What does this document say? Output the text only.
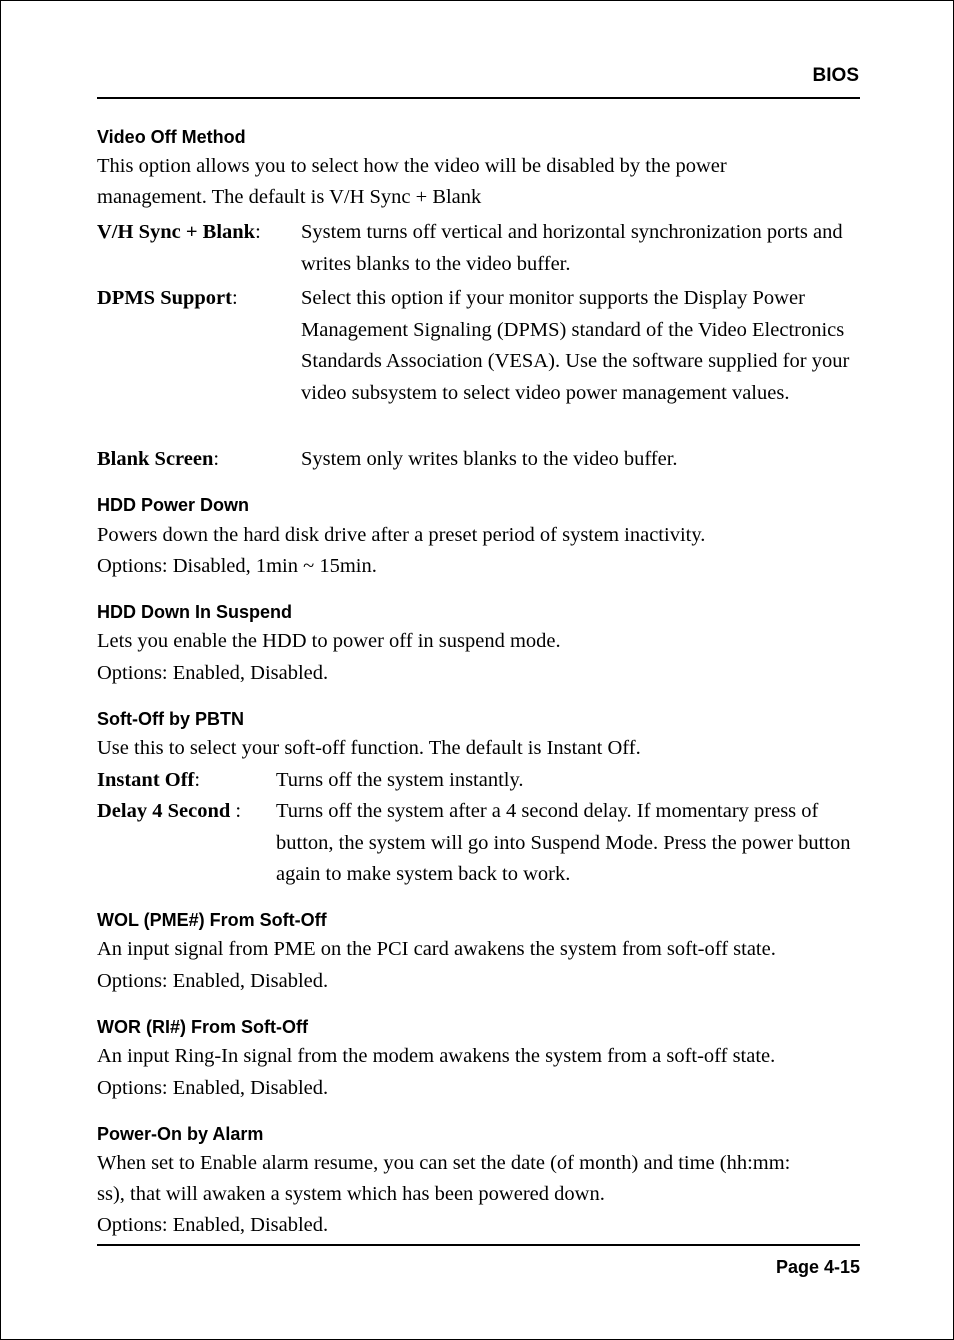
BIOS
Video Off Method

This option allows you to select how the video will be disabled by the power

management. The default is V/H Sync + Blank

V/H Sync + Blank: System turns off vertical and horizontal synchronization ports and writes blanks to the video buffer.

DPMS Support:	Select this option if your monitor supports the Display Power Management Signaling (DPMS) standard of the Video Electronics Standards Association (VESA). Use the software supplied for your video subsystem to select video power management values.

Blank Screen:	System only writes blanks to the video buffer.

HDD Power Down

Powers down the hard disk drive after a preset period of system inactivity.

Options: Disabled, 1min ~ 15min.

HDD Down In Suspend

Lets you enable the HDD to power off in suspend mode.

Options: Enabled, Disabled.

Soft-Off by PBTN

Use this to select your soft-off function. The default is Instant Off.

Instant Off:	Turns off the system instantly.

Delay 4 Second : Turns off the system after a 4 second delay. If momentary press of button, the system will go into Suspend Mode. Press the power button again to make system back to work.

WOL (PME#) From Soft-Off

An input signal from PME on the PCI card awakens the system from soft-off state.

Options: Enabled, Disabled.

WOR (RI#) From Soft-Off

An input Ring-In signal from the modem awakens the system from a soft-off state.

Options: Enabled, Disabled.

Power-On by Alarm

When set to Enable alarm resume, you can set the date (of month) and time (hh:mm:

ss), that will awaken a system which has been powered down.

Options: Enabled, Disabled.

Page 4-15
